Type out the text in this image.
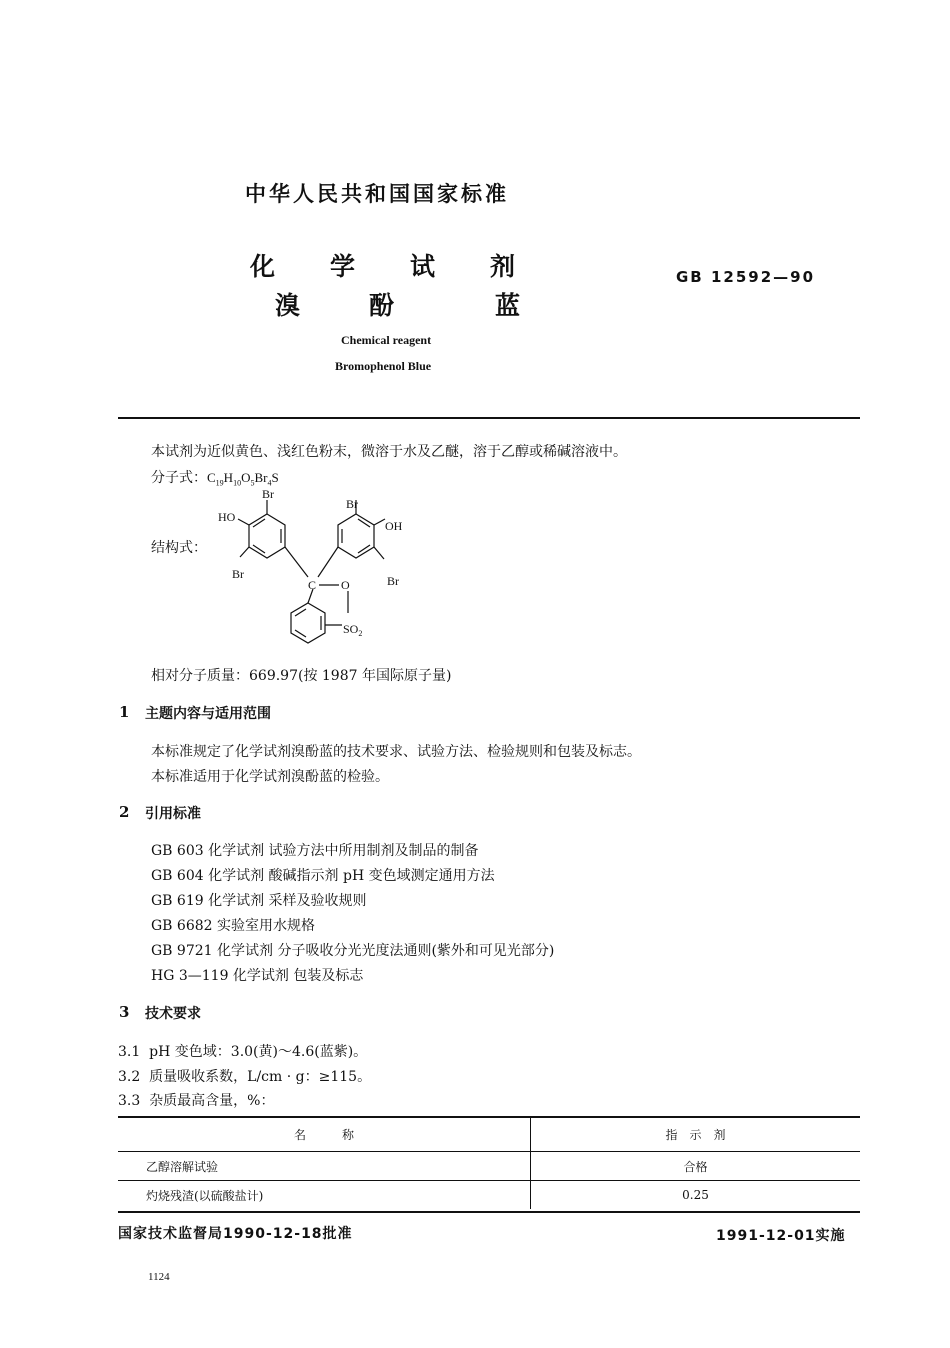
中华人民共和国国家标准
化学试剂
溴	酚	蓝
GB 12592—90
Chemical reagent
Bromophenol Blue
本试剂为近似黄色、浅红色粉末，微溶于水及乙醚，溶于乙醇或稀碱溶液中。
分子式：$C_{19}H_{10}O_5Br_4S$
结构式：
Br
HO
Br
Br
OH
Br
C O
$SO_2$
相对分子质量：669.97(按 1987 年国际原子量)
1 主题内容与适用范围
本标准规定了化学试剂溴酚蓝的技术要求、试验方法、检验规则和包装及标志。
本标准适用于化学试剂溴酚蓝的检验。
2 引用标准
GB 603 化学试剂 试验方法中所用制剂及制品的制备
GB 604 化学试剂 酸碱指示剂 pH 变色域测定通用方法
GB 619 化学试剂 采样及验收规则
GB 6682 实验室用水规格
GB 9721 化学试剂 分子吸收分光光度法通则(紫外和可见光部分)
HG 3—119 化学试剂 包装及标志
3 技术要求
3.1 pH 变色域：3.0(黄)～4.6(蓝紫)。
3.2 质量吸收系数，L/cm · g：≥115。
3.3 杂质最高含量，%：
名　　　称	指　示　剂
乙醇溶解试验	合格
灼烧残渣(以硫酸盐计)	0.25
国家技术监督局1990-12-18批准	1991-12-01实施
1124
